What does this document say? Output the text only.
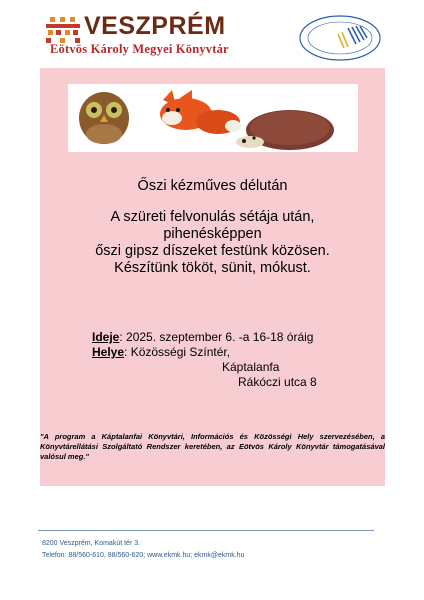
VESZPRÉM
Eötvös Károly Megyei Könyvtár
Őszi kézműves délután
A szüreti felvonulás sétája után,
pihenésképpen
őszi gipsz díszeket festünk közösen.
Készítünk tököt, sünit, mókust.
Ideje: 2025. szeptember 6. -a 16-18 óráig
Helye: Közösségi Színtér,
Káptalanfa
Rákóczi utca 8
"A program a Káptalanfai Könyvtári, Információs és Közösségi Hely szervezésében, a Könyvtárellátási Szolgáltató Rendszer keretében, az Eötvös Károly Könyvtár támogatásával valósul meg."
8200 Veszprém, Komakút tér 3.
Telefon: 88/560-610, 88/560-620; www.ekmk.hu; ekmk@ekmk.hu
